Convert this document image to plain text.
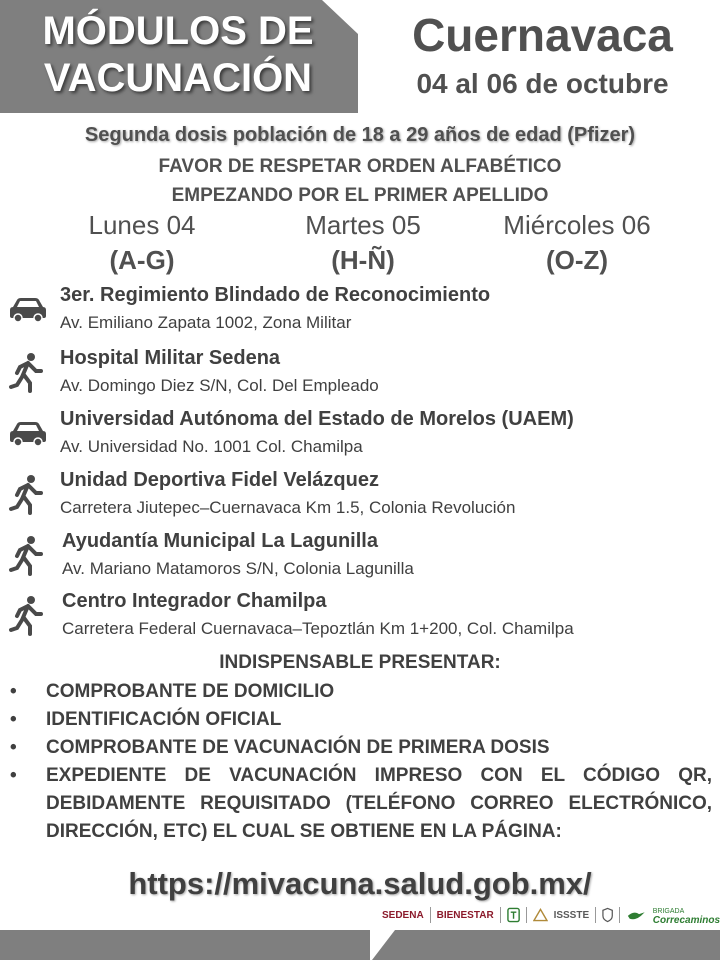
MÓDULOS DE
VACUNACIÓN
Cuernavaca
04 al 06 de octubre
Segunda dosis población de 18 a 29 años de edad (Pfizer)
FAVOR DE RESPETAR ORDEN ALFABÉTICO
EMPEZANDO POR EL PRIMER APELLIDO
Lunes 04	Martes 05	Miércoles 06
(A-G)	(H-Ñ)	(O-Z)
3er. Regimiento Blindado de Reconocimiento
Av. Emiliano Zapata 1002, Zona Militar
Hospital Militar Sedena
Av. Domingo Diez S/N, Col. Del Empleado
Universidad Autónoma del Estado de Morelos (UAEM)
Av. Universidad No. 1001 Col. Chamilpa
Unidad Deportiva Fidel Velázquez
Carretera Jiutepec–Cuernavaca Km 1.5, Colonia Revolución
Ayudantía Municipal La Lagunilla
Av. Mariano Matamoros S/N, Colonia Lagunilla
Centro Integrador Chamilpa
Carretera Federal Cuernavaca–Tepoztlán Km 1+200, Col. Chamilpa
INDISPENSABLE PRESENTAR:
• COMPROBANTE DE DOMICILIO
• IDENTIFICACIÓN OFICIAL
• COMPROBANTE DE VACUNACIÓN DE PRIMERA DOSIS
• EXPEDIENTE DE VACUNACIÓN IMPRESO CON EL CÓDIGO QR, DEBIDAMENTE REQUISITADO (TELÉFONO CORREO ELECTRÓNICO, DIRECCIÓN, ETC) EL CUAL SE OBTIENE EN LA PÁGINA:
https://mivacuna.salud.gob.mx/
SEDENA BIENESTAR	ISSSTE	BRIGADA
Correcaminos
